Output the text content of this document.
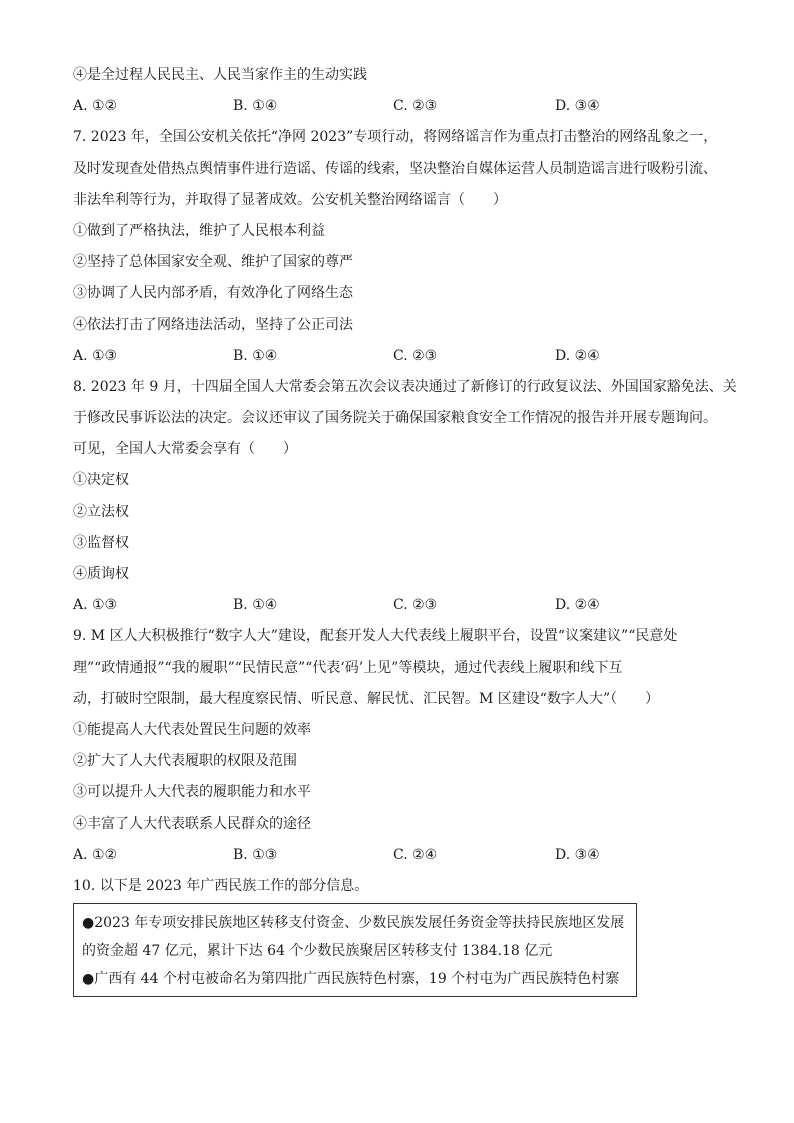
④是全过程人民民主、人民当家作主的生动实践
A. ①②	B. ①④	C. ②③	D. ③④
7. 2023 年，全国公安机关依托“净网 2023”专项行动，将网络谣言作为重点打击整治的网络乱象之一，
及时发现查处借热点舆情事件进行造谣、传谣的线索，坚决整治自媒体运营人员制造谣言进行吸粉引流、
非法牟利等行为，并取得了显著成效。公安机关整治网络谣言（　　）
①做到了严格执法，维护了人民根本利益
②坚持了总体国家安全观、维护了国家的尊严
③协调了人民内部矛盾，有效净化了网络生态
④依法打击了网络违法活动，坚持了公正司法
A. ①③	B. ①④	C. ②③	D. ②④
8. 2023 年 9 月，十四届全国人大常委会第五次会议表决通过了新修订的行政复议法、外国国家豁免法、关
于修改民事诉讼法的决定。会议还审议了国务院关于确保国家粮食安全工作情况的报告并开展专题询问。
可见，全国人大常委会享有（　　）
①决定权
②立法权
③监督权
④质询权
A. ①③	B. ①④	C. ②③	D. ②④
9. M 区人大积极推行“数字人大”建设，配套开发人大代表线上履职平台，设置“议案建议”“民意处
理”“政情通报”“我的履职”“民情民意”“代表‘码’上见”等模块，通过代表线上履职和线下互
动，打破时空限制，最大程度察民情、听民意、解民忧、汇民智。M 区建设“数字人大”（　　）
①能提高人大代表处置民生问题的效率
②扩大了人大代表履职的权限及范围
③可以提升人大代表的履职能力和水平
④丰富了人大代表联系人民群众的途径
A. ①②	B. ①③	C. ②④	D. ③④
10. 以下是 2023 年广西民族工作的部分信息。
●2023 年专项安排民族地区转移支付资金、少数民族发展任务资金等扶持民族地区发展
的资金超 47 亿元，累计下达 64 个少数民族聚居区转移支付 1384.18 亿元
●广西有 44 个村屯被命名为第四批广西民族特色村寨，19 个村屯为广西民族特色村寨
